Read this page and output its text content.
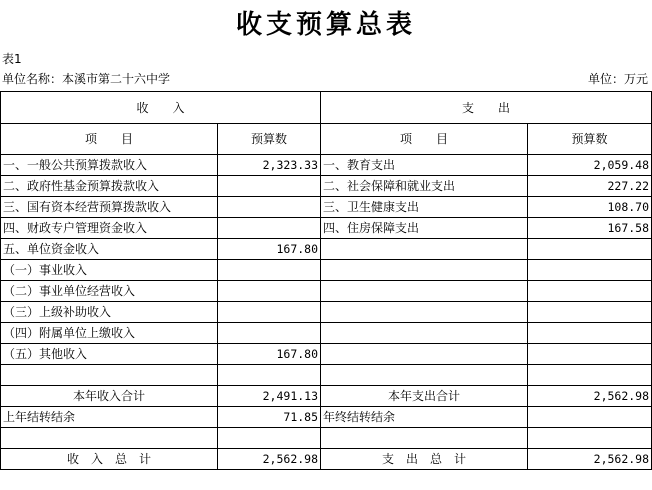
收支预算总表
表1
单位名称：本溪市第二十六中学	单位：万元
收　　入		支　　出	
项　　目	预算数	项　　目	预算数
一、一般公共预算拨款收入	2,323.33	一、教育支出	2,059.48
二、政府性基金预算拨款收入		二、社会保障和就业支出	227.22
三、国有资本经营预算拨款收入		三、卫生健康支出	108.70
四、财政专户管理资金收入		四、住房保障支出	167.58
五、单位资金收入	167.80		
（一）事业收入			
（二）事业单位经营收入			
（三）上级补助收入			
（四）附属单位上缴收入			
（五）其他收入	167.80		

本年收入合计	2,491.13	本年支出合计	2,562.98
上年结转结余	71.85	年终结转结余	

收　入　总　计	2,562.98	支　出　总　计	2,562.98
